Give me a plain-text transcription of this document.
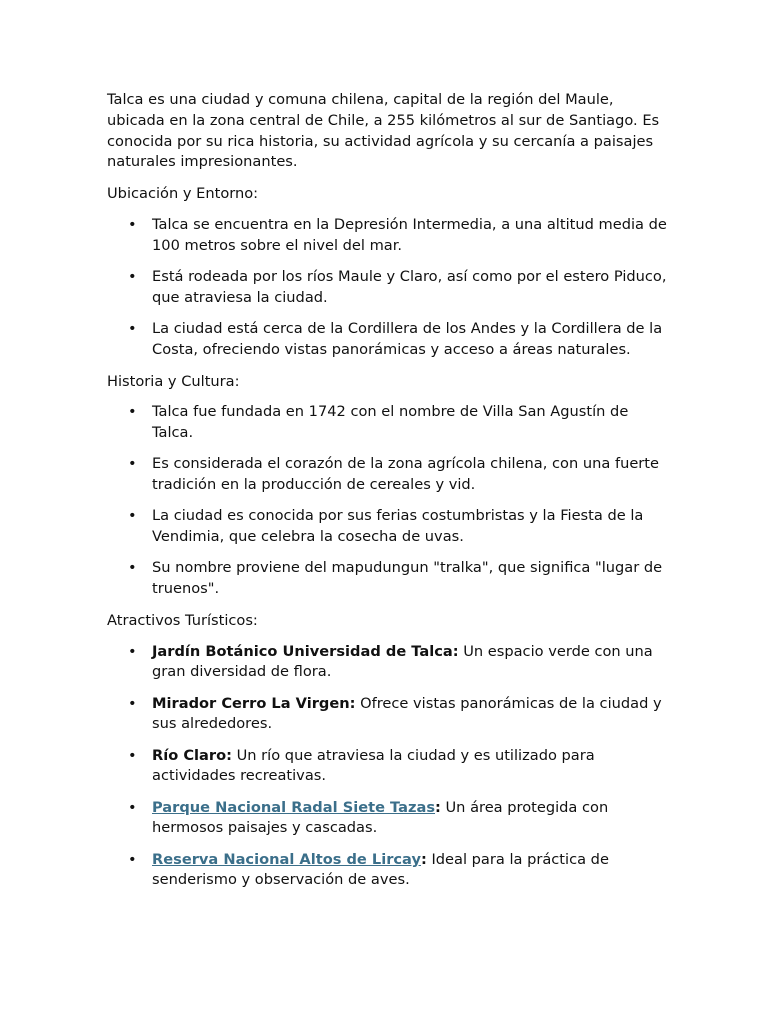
Talca es una ciudad y comuna chilena, capital de la región del Maule, ubicada en la zona central de Chile, a 255 kilómetros al sur de Santiago. Es conocida por su rica historia, su actividad agrícola y su cercanía a paisajes naturales impresionantes.

Ubicación y Entorno:

• Talca se encuentra en la Depresión Intermedia, a una altitud media de 100 metros sobre el nivel del mar.
• Está rodeada por los ríos Maule y Claro, así como por el estero Piduco, que atraviesa la ciudad.
• La ciudad está cerca de la Cordillera de los Andes y la Cordillera de la Costa, ofreciendo vistas panorámicas y acceso a áreas naturales.

Historia y Cultura:

• Talca fue fundada en 1742 con el nombre de Villa San Agustín de Talca.
• Es considerada el corazón de la zona agrícola chilena, con una fuerte tradición en la producción de cereales y vid.
• La ciudad es conocida por sus ferias costumbristas y la Fiesta de la Vendimia, que celebra la cosecha de uvas.
• Su nombre proviene del mapudungun "tralka", que significa "lugar de truenos".

Atractivos Turísticos:

• Jardín Botánico Universidad de Talca: Un espacio verde con una gran diversidad de flora.
• Mirador Cerro La Virgen: Ofrece vistas panorámicas de la ciudad y sus alrededores.
• Río Claro: Un río que atraviesa la ciudad y es utilizado para actividades recreativas.
• Parque Nacional Radal Siete Tazas: Un área protegida con hermosos paisajes y cascadas.
• Reserva Nacional Altos de Lircay: Ideal para la práctica de senderismo y observación de aves.
